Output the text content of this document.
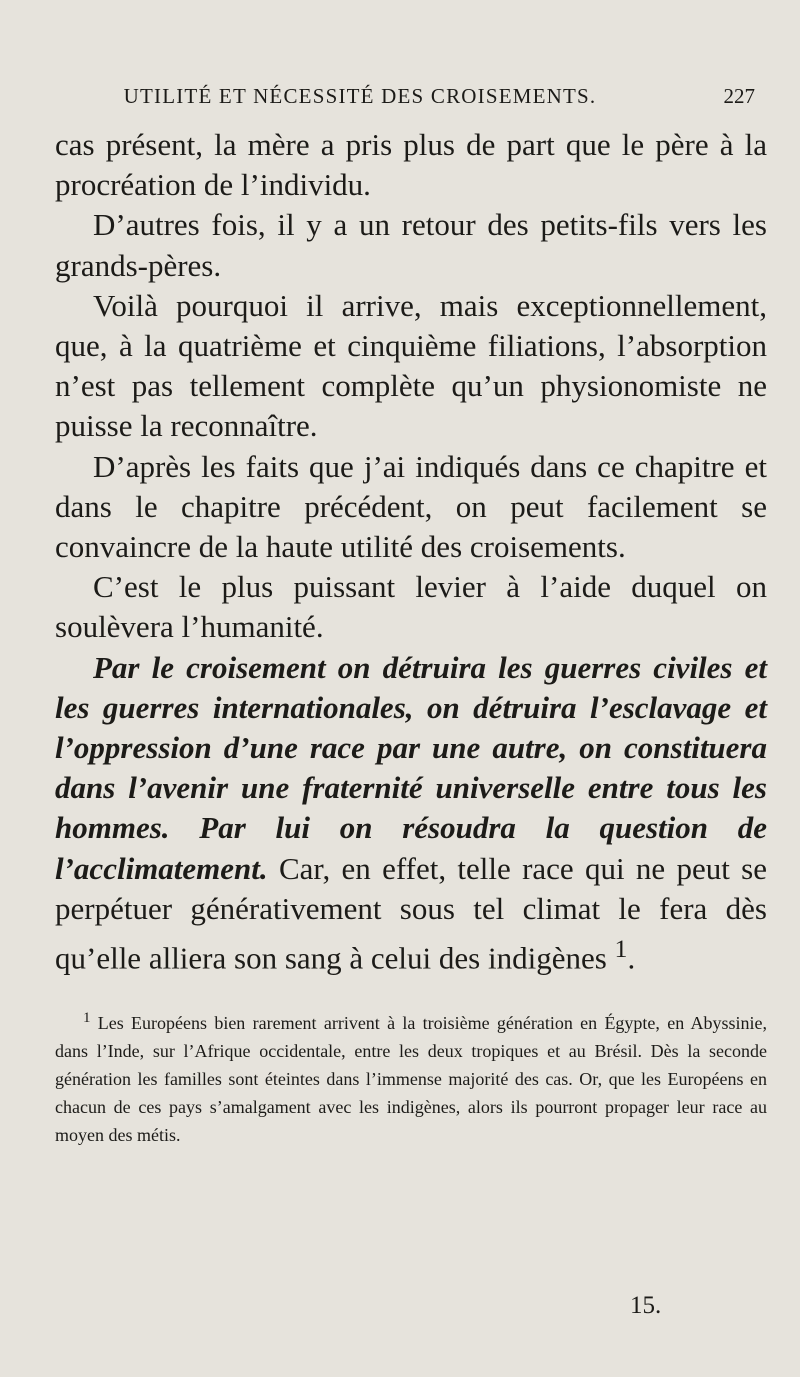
UTILITÉ ET NÉCESSITÉ DES CROISEMENTS.	227

cas présent, la mère a pris plus de part que le père à la procréation de l’individu.

D’autres fois, il y a un retour des petits-fils vers les grands-pères.

Voilà pourquoi il arrive, mais exceptionnellement, que, à la quatrième et cinquième filiations, l’absorption n’est pas tellement complète qu’un physionomiste ne puisse la reconnaître.

D’après les faits que j’ai indiqués dans ce chapitre et dans le chapitre précédent, on peut facilement se convaincre de la haute utilité des croisements.

C’est le plus puissant levier à l’aide duquel on soulèvera l’humanité.

Par le croisement on détruira les guerres civiles et les guerres internationales, on détruira l’esclavage et l’oppression d’une race par une autre, on constituera dans l’avenir une fraternité universelle entre tous les hommes. Par lui on résoudra la question de l’acclimatement. Car, en effet, telle race qui ne peut se perpétuer générativement sous tel climat le fera dès qu’elle alliera son sang à celui des indigènes $^1$.

$^1$ Les Européens bien rarement arrivent à la troisième génération en Égypte, en Abyssinie, dans l’Inde, sur l’Afrique occidentale, entre les deux tropiques et au Brésil. Dès la seconde génération les familles sont éteintes dans l’immense majorité des cas. Or, que les Européens en chacun de ces pays s’amalgament avec les indigènes, alors ils pourront propager leur race au moyen des métis.

15.
